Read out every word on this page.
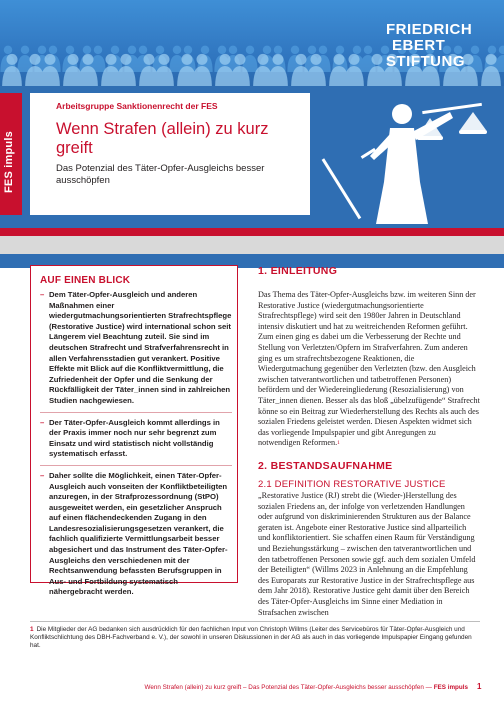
FRIEDRICH
EBERT
STIFTUNG
FES impuls
Arbeitsgruppe Sanktionenrecht der FES
Wenn Strafen (allein) zu kurz greift
Das Potenzial des Täter-Opfer-Ausgleichs besser ausschöpfen
AUF EINEN BLICK
– Dem Täter-Opfer-Ausgleich und anderen Maßnahmen einer wiedergutmachungsorientierten Strafrechtspflege (Restorative Justice) wird international schon seit Längerem viel Beachtung zuteil. Sie sind im deutschen Strafrecht und Strafverfahrensrecht in allen Verfahrensstadien gut verankert. Positive Effekte mit Blick auf die Konfliktvermittlung, die Zufriedenheit der Opfer und die Senkung der Rückfälligkeit der Täter_innen sind in zahlreichen Studien nachgewiesen.
– Der Täter-Opfer-Ausgleich kommt allerdings in der Praxis immer noch nur sehr begrenzt zum Einsatz und wird statistisch nicht vollständig systematisch erfasst.
– Daher sollte die Möglichkeit, einen Täter-Opfer-Ausgleich auch vonseiten der Konfliktbeteiligten anzuregen, in der Strafprozessordnung (StPO) ausgeweitet werden, ein gesetzlicher Anspruch auf einen flächendeckenden Zugang in den Landesresozialisierungsgesetzen verankert, die fachlich qualifizierte Vermittlungsarbeit besser abgesichert und das Instrument des Täter-Opfer-Ausgleichs den verschiedenen mit der Rechtsanwendung befassten Berufsgruppen in Aus- und Fortbildung systematisch nähergebracht werden.
1. EINLEITUNG
Das Thema des Täter-Opfer-Ausgleichs bzw. im weiteren Sinn der Restorative Justice (wiedergutmachungsorientierte Strafrechtspflege) wird seit den 1980er Jahren in Deutschland intensiv diskutiert und hat zu weitreichenden Reformen geführt. Zum einen ging es dabei um die Verbesserung der Rechte und Stellung von Verletzten/Opfern im Strafverfahren. Zum anderen ging es um strafrechtsbezogene Reaktionen, die Wiedergutmachung gegenüber den Verletzten (bzw. den Ausgleich zwischen tatverantwortlichen und tatbetroffenen Personen) befördern und der Wiedereingliederung (Resozialisierung) von Täter_innen dienen. Besser als das bloß „übelzufügende“ Strafrecht könne so ein Beitrag zur Wiederherstellung des Rechts als auch des sozialen Friedens geleistet werden. Diesen Aspekten widmet sich das vorliegende Impulspapier und gibt Anregungen zu notwendigen Reformen.$^1$
2. BESTANDSAUFNAHME
2.1 DEFINITION RESTORATIVE JUSTICE
„Restorative Justice (RJ) strebt die (Wieder-)Herstellung des sozialen Friedens an, der infolge von verletzenden Handlungen oder aufgrund von diskriminierenden Strukturen aus der Balance geraten ist. Angebote einer Restorative Justice sind allparteilich und konfliktorientiert. Sie schaffen einen Raum für Verständigung und Beziehungsstärkung – zwischen den tatverantwortlichen und den tatbetroffenen Personen sowie ggf. auch dem sozialen Umfeld der Beteiligten“ (Willms 2023 in Anlehnung an die Empfehlung des Europarats zur Restorative Justice in der Strafrechtspflege aus dem Jahr 2018). Restorative Justice geht damit über den Bereich des Täter-Opfer-Ausgleichs im Sinne einer Mediation in Strafsachen zwischen
1 Die Mitglieder der AG bedanken sich ausdrücklich für den fachlichen Input von Christoph Willms (Leiter des Servicebüros für Täter-Opfer-Ausgleich und Konfliktschlichtung des DBH-Fachverband e. V.), der sowohl in unseren Diskussionen in der AG als auch in das vorliegende Impulspapier Eingang gefunden hat.
Wenn Strafen (allein) zu kurz greift – Das Potenzial des Täter-Opfer-Ausgleichs besser ausschöpfen — FES impuls 1
